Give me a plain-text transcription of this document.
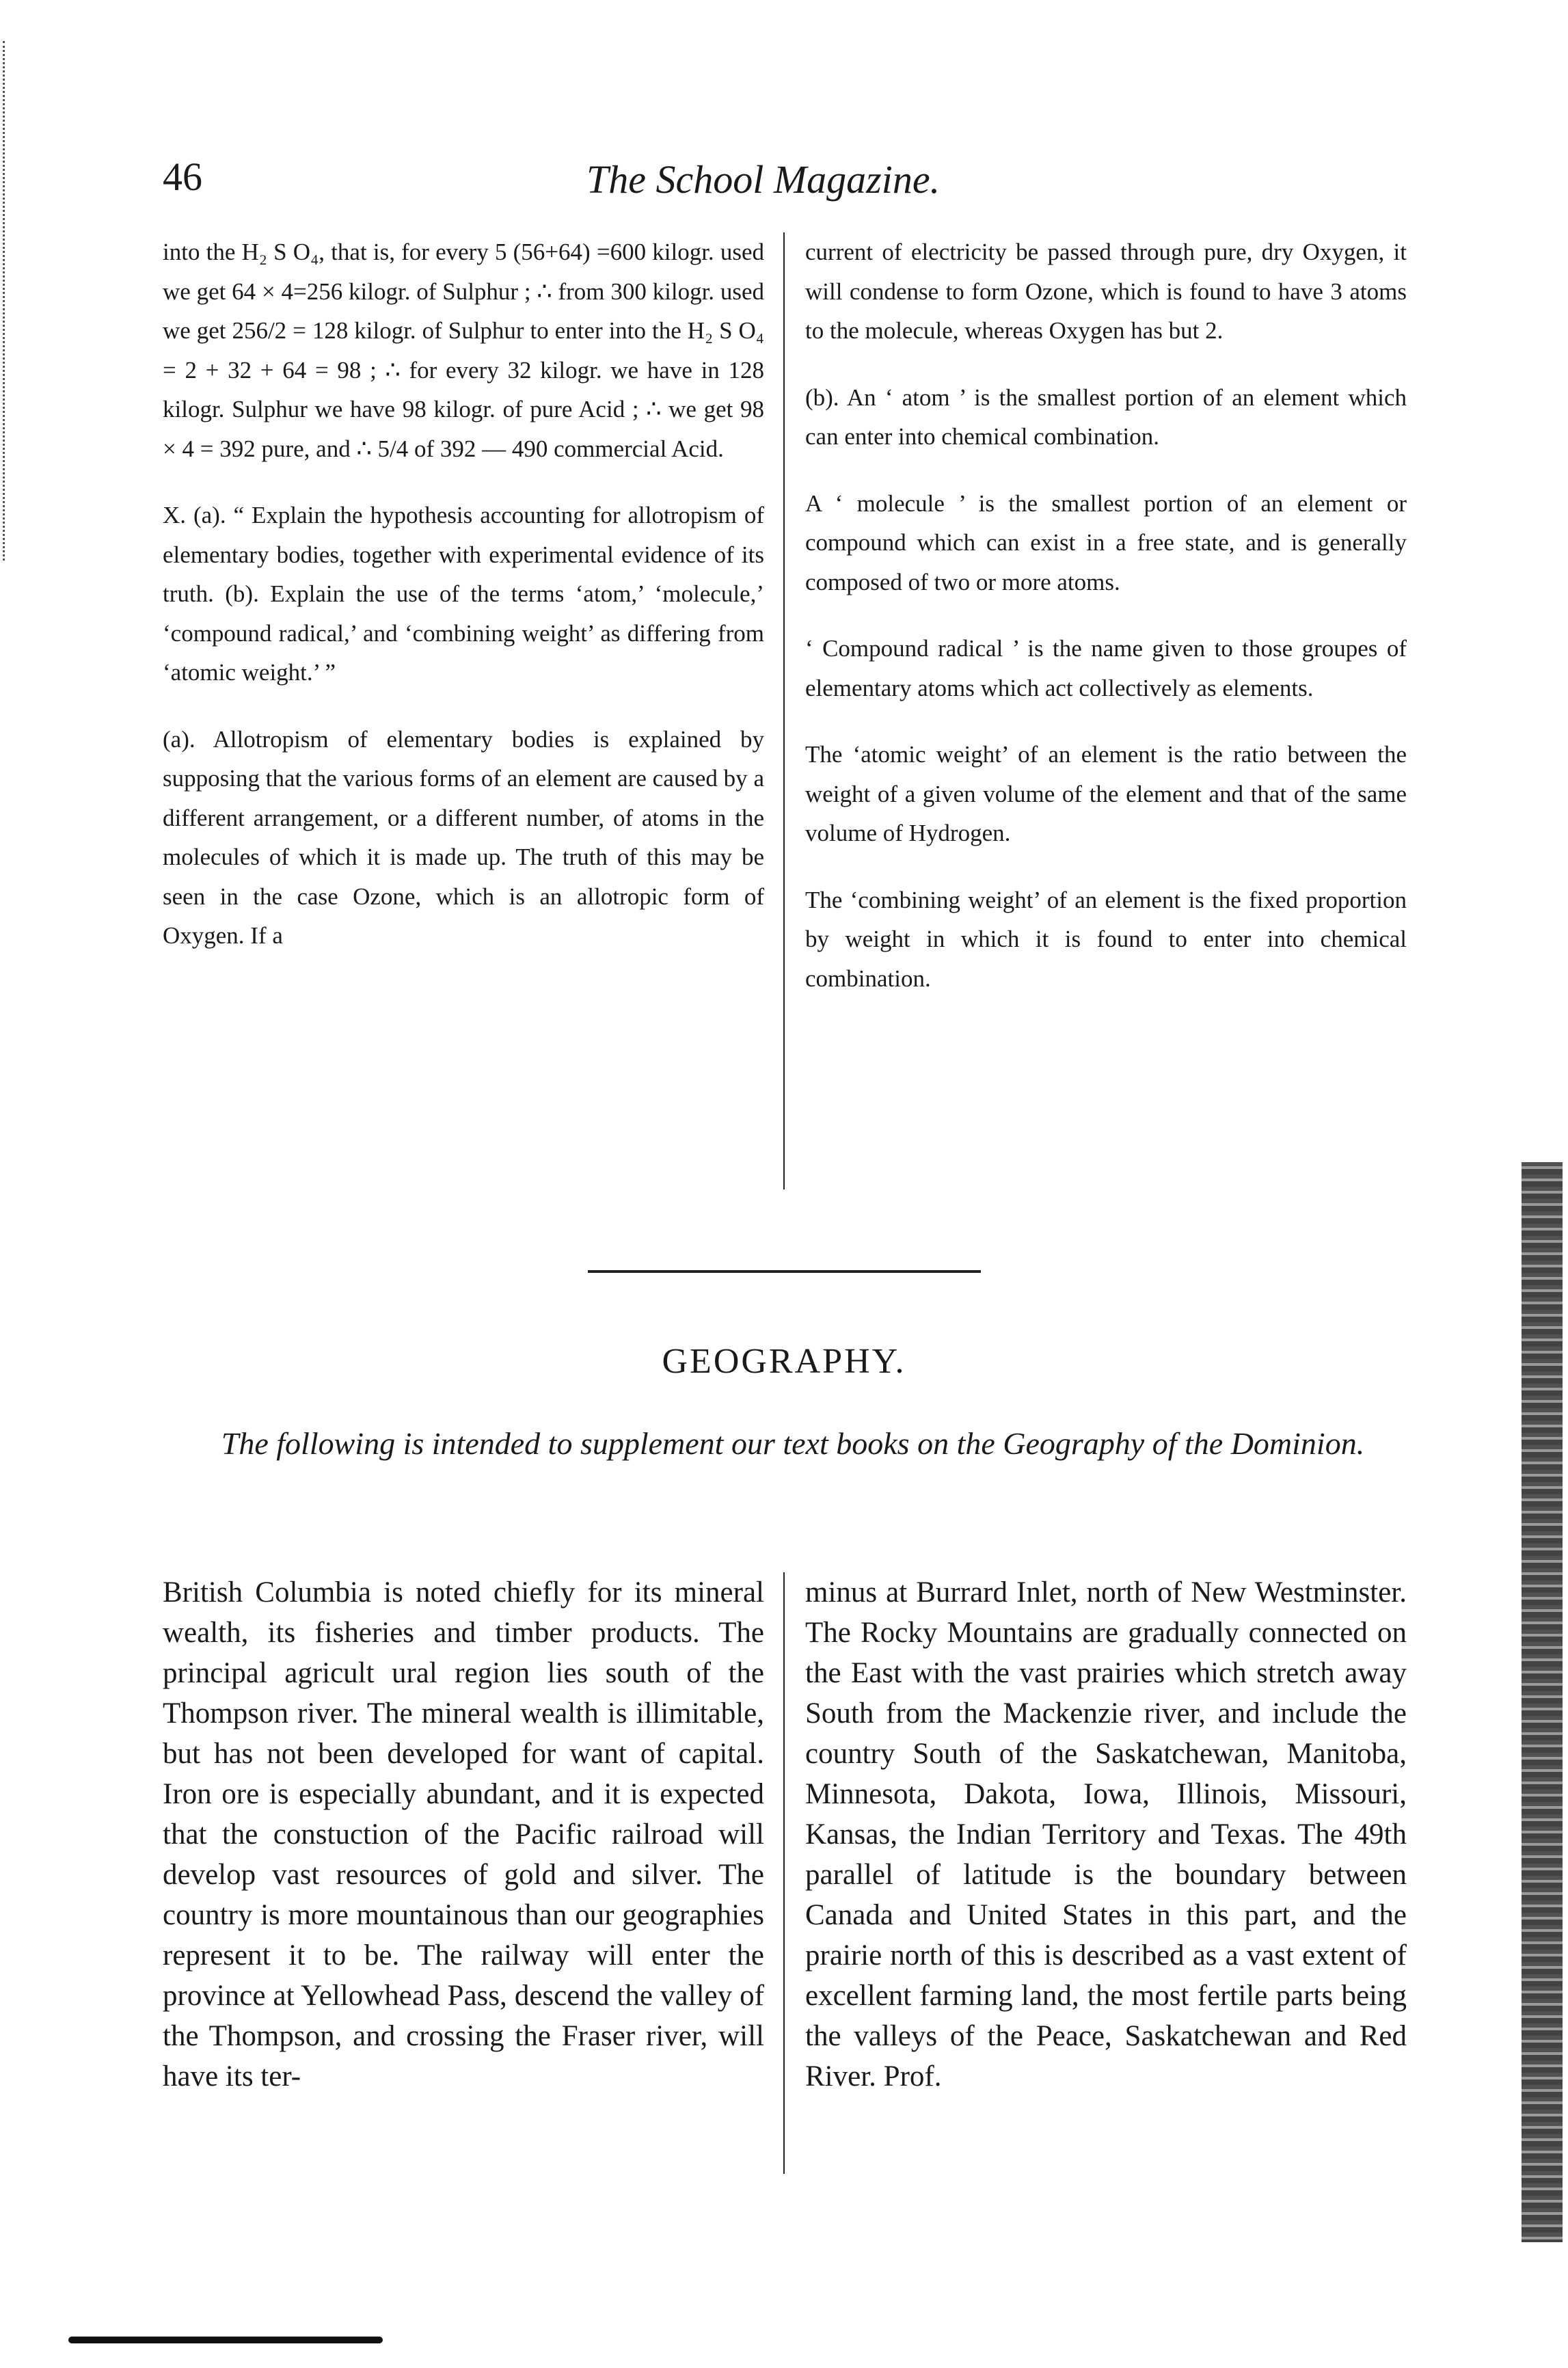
46	The School Magazine.

into the H₂ S O₄, that is, for every 5 (56+64) =600 kilogr. used we get 64 × 4=256 kilogr. of Sulphur ; ∴ from 300 kilogr. used we get 256/2 = 128 kilogr. of Sulphur to enter into the H₂ S O₄ = 2 + 32 + 64 = 98 ; ∴ for every 32 kilogr. we have in 128 kilogr. Sulphur we have 98 kilogr. of pure Acid ; ∴ we get 98 × 4 = 392 pure, and ∴ 5/4 of 392 — 490 commercial Acid.

X. (a). “ Explain the hypothesis accounting for allotropism of elementary bodies, together with experimental evidence of its truth. (b). Explain the use of the terms ‘atom,’ ‘molecule,’ ‘compound radical,’ and ‘combining weight’ as differing from ‘atomic weight.’ ”

(a). Allotropism of elementary bodies is explained by supposing that the various forms of an element are caused by a different arrangement, or a different number, of atoms in the molecules of which it is made up. The truth of this may be seen in the case Ozone, which is an allotropic form of Oxygen. If a

current of electricity be passed through pure, dry Oxygen, it will condense to form Ozone, which is found to have 3 atoms to the molecule, whereas Oxygen has but 2.

(b). An ‘ atom ’ is the smallest portion of an element which can enter into chemical combination.

A ‘ molecule ’ is the smallest portion of an element or compound which can exist in a free state, and is generally composed of two or more atoms.

‘ Compound radical ’ is the name given to those groupes of elementary atoms which act collectively as elements.

The ‘atomic weight’ of an element is the ratio between the weight of a given volume of the element and that of the same volume of Hydrogen.

The ‘combining weight’ of an element is the fixed proportion by weight in which it is found to enter into chemical combination.

GEOGRAPHY.
The following is intended to supplement our text books on the Geography of the Dominion.

British Columbia is noted chiefly for its mineral wealth, its fisheries and timber products. The principal agricult ural region lies south of the Thompson river. The mineral wealth is illimitable, but has not been developed for want of capital. Iron ore is especially abundant, and it is expected that the constuction of the Pacific railroad will develop vast resources of gold and silver. The country is more mountainous than our geographies represent it to be. The railway will enter the province at Yellowhead Pass, descend the valley of the Thompson, and crossing the Fraser river, will have its ter-

minus at Burrard Inlet, north of New Westminster. The Rocky Mountains are gradually connected on the East with the vast prairies which stretch away South from the Mackenzie river, and include the country South of the Saskatchewan, Manitoba, Minnesota, Dakota, Iowa, Illinois, Missouri, Kansas, the Indian Territory and Texas. The 49th parallel of latitude is the boundary between Canada and United States in this part, and the prairie north of this is described as a vast extent of excellent farming land, the most fertile parts being the valleys of the Peace, Saskatchewan and Red River. Prof.
